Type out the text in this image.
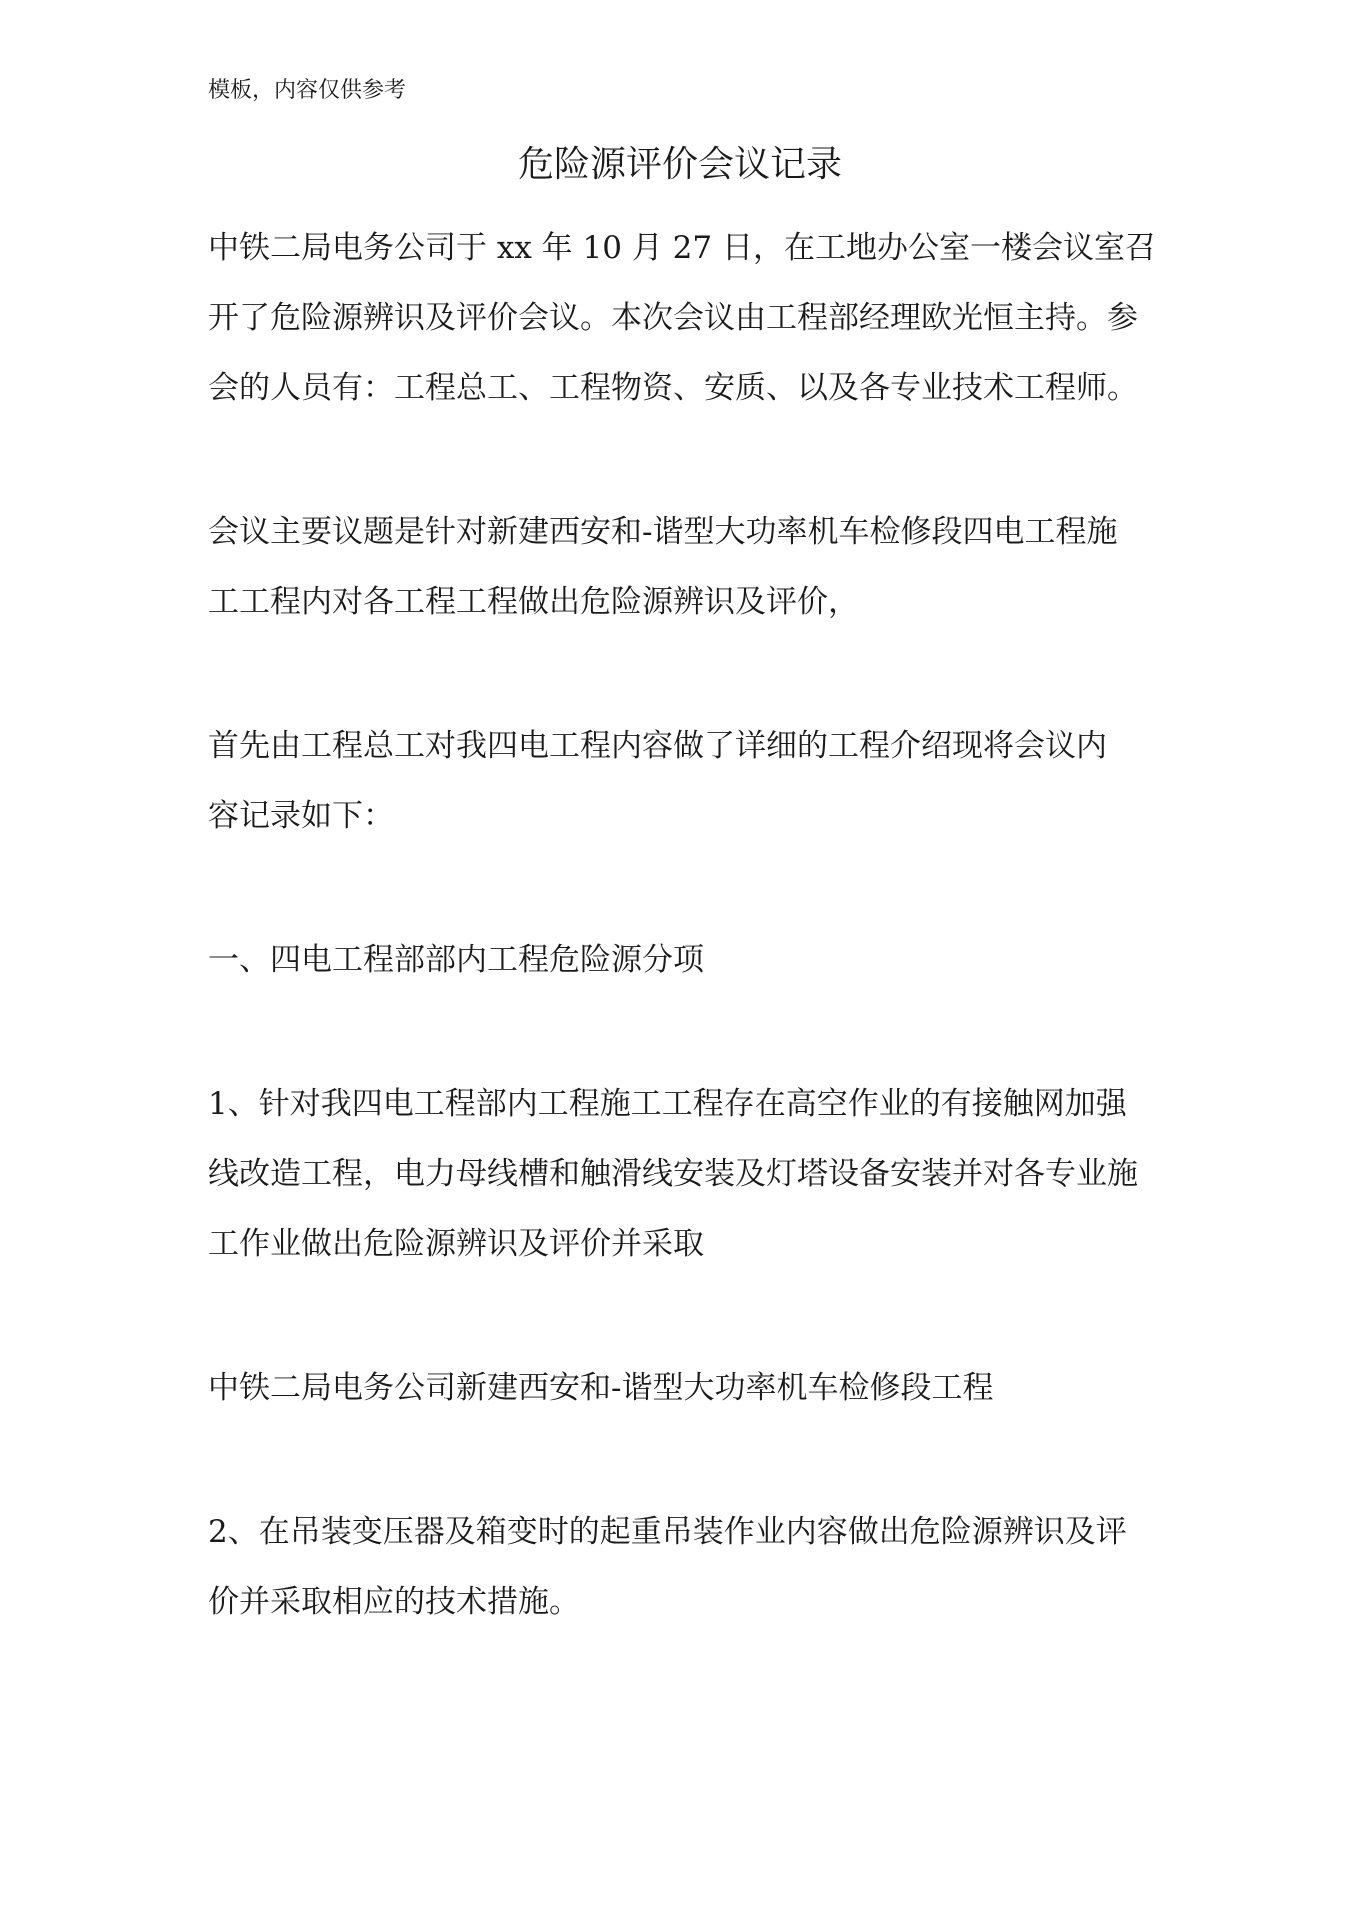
模板，内容仅供参考
危险源评价会议记录
中铁二局电务公司于 xx 年 10 月 27 日，在工地办公室一楼会议室召
开了危险源辨识及评价会议。本次会议由工程部经理欧光恒主持。参
会的人员有：工程总工、工程物资、安质、以及各专业技术工程师。
会议主要议题是针对新建西安和-谐型大功率机车检修段四电工程施
工工程内对各工程工程做出危险源辨识及评价，
首先由工程总工对我四电工程内容做了详细的工程介绍现将会议内
容记录如下：
一、四电工程部部内工程危险源分项
1、针对我四电工程部内工程施工工程存在高空作业的有接触网加强
线改造工程，电力母线槽和触滑线安装及灯塔设备安装并对各专业施
工作业做出危险源辨识及评价并采取
中铁二局电务公司新建西安和-谐型大功率机车检修段工程
2、在吊装变压器及箱变时的起重吊装作业内容做出危险源辨识及评
价并采取相应的技术措施。
